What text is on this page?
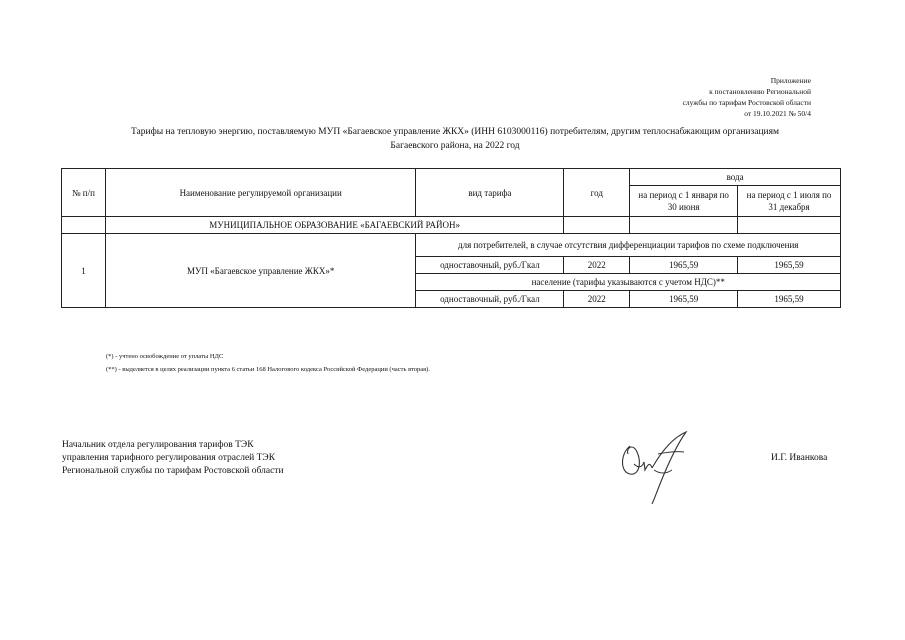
Приложение
к постановлению Региональной
службы по тарифам Ростовской области
от 19.10.2021 № 50/4
Тарифы на тепловую энергию, поставляемую МУП «Багаевское управление ЖКХ» (ИНН 6103000116) потребителям, другим теплоснабжающим организациям
Багаевского района, на 2022 год
№ п/п	Наименование регулируемой организации	вид тарифа	год	вода	
				на период с 1 января по 30 июня	на период с 1 июля по 31 декабря
	МУНИЦИПАЛЬНОЕ ОБРАЗОВАНИЕ «БАГАЕВСКИЙ РАЙОН»				
1	МУП «Багаевское управление ЖКХ»*	для потребителей, в случае отсутствия дифференциации тарифов по схеме подключения			
		одноставочный, руб./Гкал	2022	1965,59	1965,59
		население (тарифы указываются с учетом НДС)**			
		одноставочный, руб./Гкал	2022	1965,59	1965,59
(*) - учтено освобождение от уплаты НДС
(**) - выделяется в целях реализации пункта 6 статьи 168 Налогового кодекса Российской Федерации (часть вторая).
Начальник отдела регулирования тарифов ТЭК
управления тарифного регулирования отраслей ТЭК
Региональной службы по тарифам Ростовской области
И.Г. Иванкова
